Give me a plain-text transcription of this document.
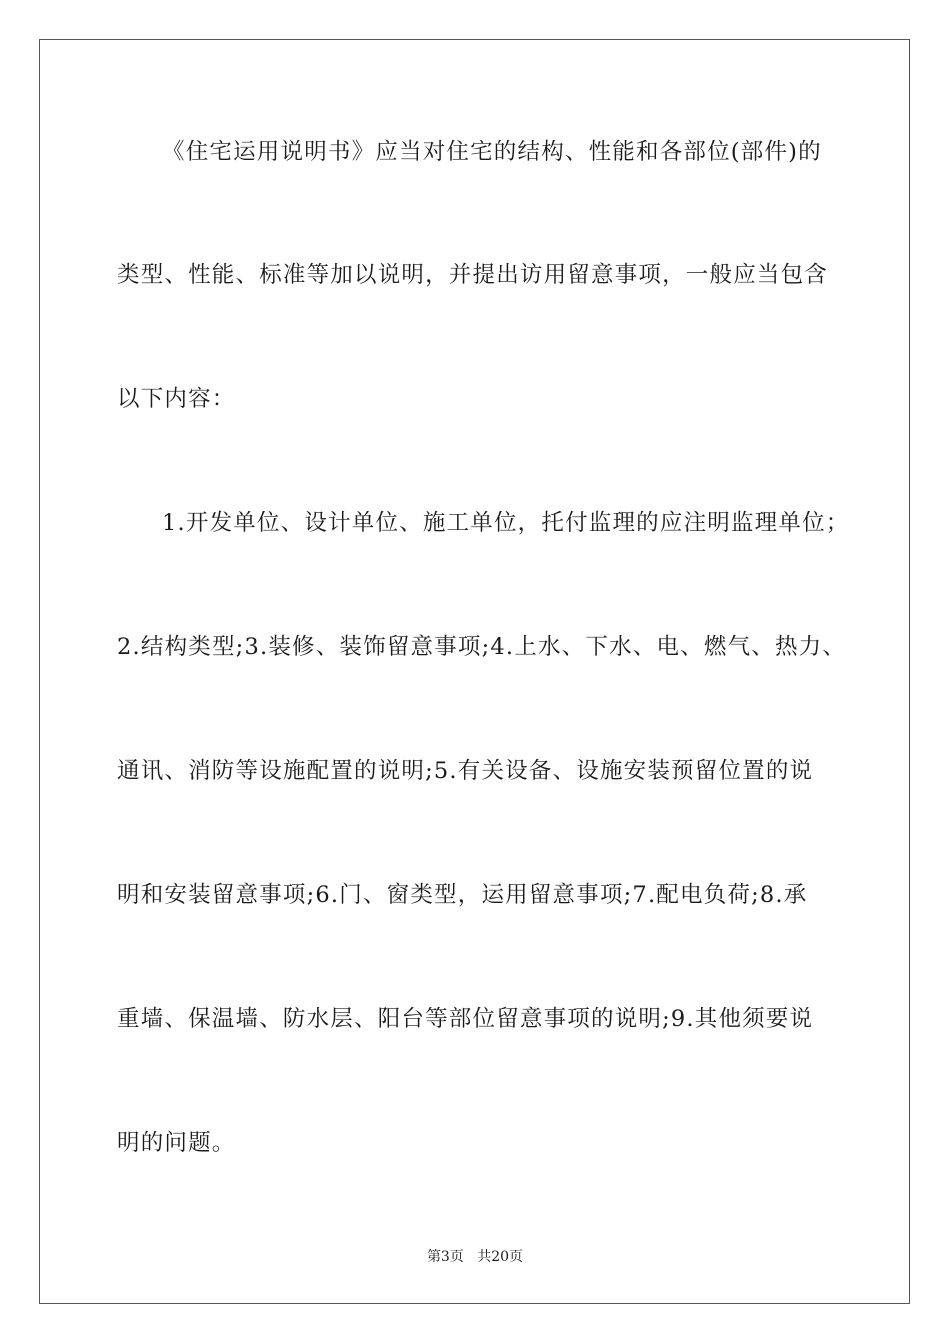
《住宅运用说明书》应当对住宅的结构、性能和各部位(部件)的
类型、性能、标准等加以说明，并提出访用留意事项，一般应当包含
以下内容：
1.开发单位、设计单位、施工单位，托付监理的应注明监理单位；
2.结构类型;3.装修、装饰留意事项;4.上水、下水、电、燃气、热力、
通讯、消防等设施配置的说明;5.有关设备、设施安装预留位置的说
明和安装留意事项;6.门、窗类型，运用留意事项;7.配电负荷;8.承
重墙、保温墙、防水层、阳台等部位留意事项的说明;9.其他须要说
明的问题。
第3页 共20页
